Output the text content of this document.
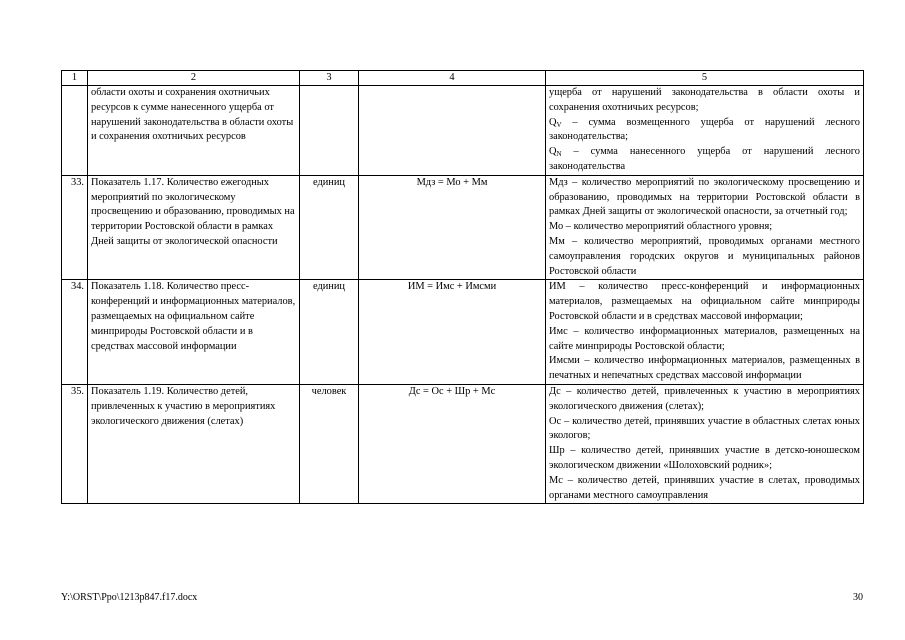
1	2	3	4	5
	области охоты и сохранения охотничьих ресурсов к сумме нанесенного ущерба от нарушений законодательства в области охоты и сохранения охотничьих ресурсов			ущерба от нарушений законодательства в области охоты и сохранения охотничьих ресурсов;
$Q_V$ – сумма возмещенного ущерба от нарушений лесного законодательства;
$Q_N$ – сумма нанесенного ущерба от нарушений лесного законодательства

33.	Показатель 1.17. Количество ежегодных мероприятий по экологическому просвещению и образованию, проводимых на территории Ростовской области в рамках Дней защиты от экологической опасности	единиц	Мдз = Мо + Мм	Мдз – количество мероприятий по экологическому просвещению и образованию, проводимых на территории Ростовской области в рамках Дней защиты от экологической опасности, за отчетный год;
Мо – количество мероприятий областного уровня;
Мм – количество мероприятий, проводимых органами местного самоуправления городских округов и муниципальных районов Ростовской области

34.	Показатель 1.18. Количество пресс-конференций и информационных материалов, размещаемых на официальном сайте минприроды Ростовской области и в средствах массовой информации	единиц	ИМ = Имс + Имсми	ИМ – количество пресс-конференций и информационных материалов, размещаемых на официальном сайте минприроды Ростовской области и в средствах массовой информации;
Имс – количество информационных материалов, размещенных на сайте минприроды Ростовской области;
Имсми – количество информационных материалов, размещенных в печатных и непечатных средствах массовой информации

35.	Показатель 1.19. Количество детей, привлеченных к участию в мероприятиях экологического движения (слетах)	человек	Дс = Ос + Шр + Мс	Дс – количество детей, привлеченных к участию в мероприятиях экологического движения (слетах);
Ос – количество детей, принявших участие в областных слетах юных экологов;
Шр – количество детей, принявших участие в детско-юношеском экологическом движении «Шолоховский родник»;
Мс – количество детей, принявших участие в слетах, проводимых органами местного самоуправления
Y:\ORST\Ppo\1213p847.f17.docx	30
